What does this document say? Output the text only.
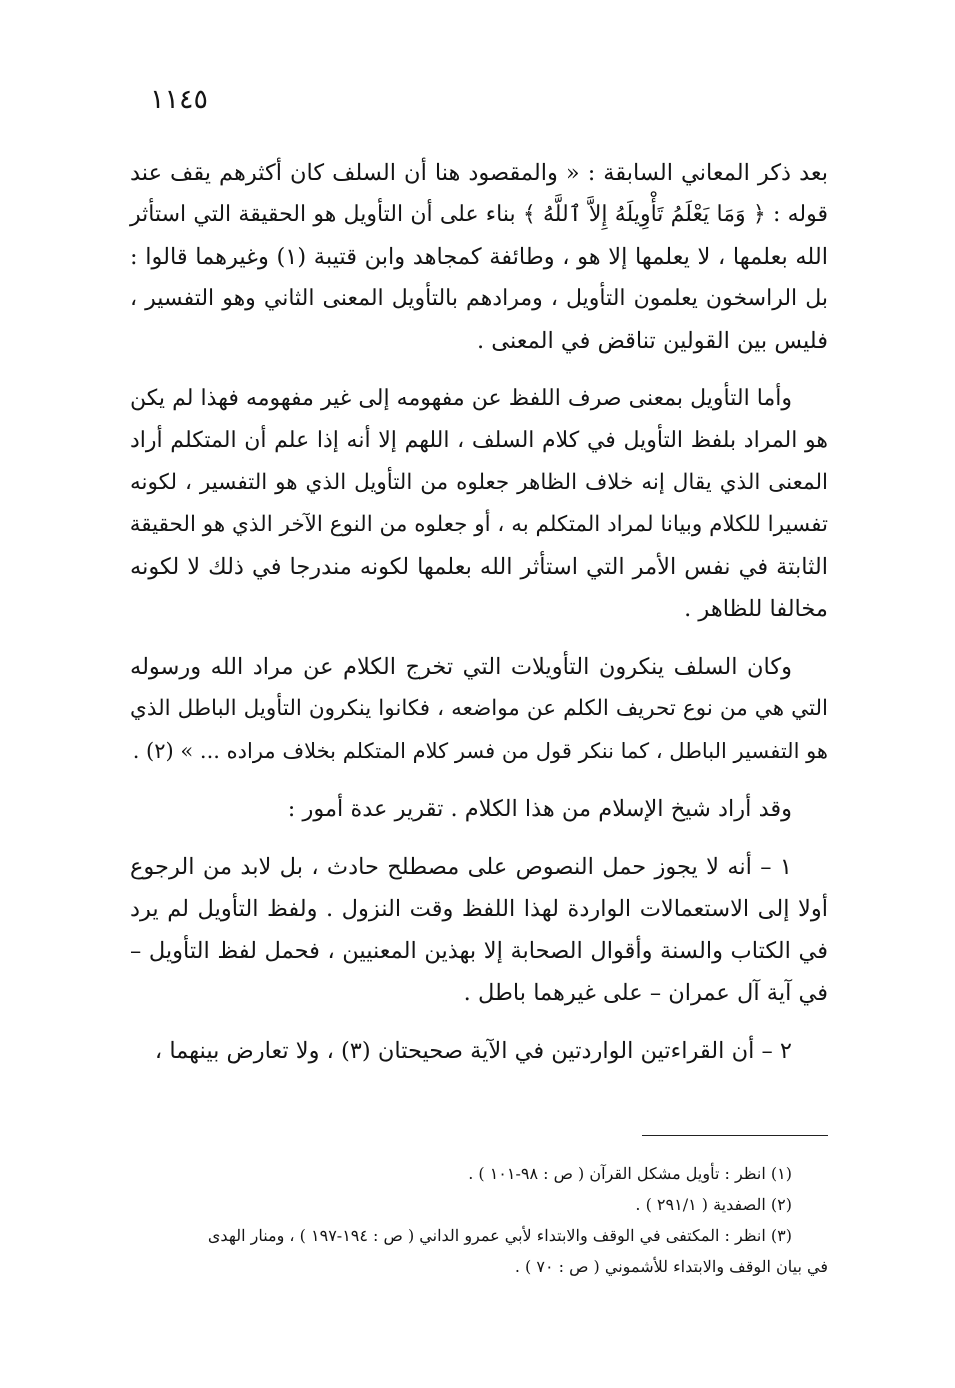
١١٤٥

بعد ذكر المعاني السابقة : « والمقصود هنا أن السلف كان أكثرهم يقف عند
قوله : ﴿ وَمَا يَعْلَمُ تَأْوِيلَهُ إِلاَّ ٱللَّهُ ﴾ بناء على أن التأويل هو الحقيقة التي استأثر
الله بعلمها ، لا يعلمها إلا هو ، وطائفة كمجاهد وابن قتيبة (١) وغيرهما قالوا :
بل الراسخون يعلمون التأويل ، ومرادهم بالتأويل المعنى الثاني وهو التفسير ،
فليس بين القولين تناقض في المعنى .

وأما التأويل بمعنى صرف اللفظ عن مفهومه إلى غير مفهومه فهذا لم يكن
هو المراد بلفظ التأويل في كلام السلف ، اللهم إلا أنه إذا علم أن المتكلم أراد
المعنى الذي يقال إنه خلاف الظاهر جعلوه من التأويل الذي هو التفسير ، لكونه
تفسيرا للكلام وبيانا لمراد المتكلم به ، أو جعلوه من النوع الآخر الذي هو الحقيقة
الثابتة في نفس الأمر التي استأثر الله بعلمها لكونه مندرجا في ذلك لا لكونه
مخالفا للظاهر .

وكان السلف ينكرون التأويلات التي تخرج الكلام عن مراد الله ورسوله
التي هي من نوع تحريف الكلم عن مواضعه ، فكانوا ينكرون التأويل الباطل الذي
هو التفسير الباطل ، كما ننكر قول من فسر كلام المتكلم بخلاف مراده ... » (٢) .

وقد أراد شيخ الإسلام من هذا الكلام . تقرير عدة أمور :

١ – أنه لا يجوز حمل النصوص على مصطلح حادث ، بل لابد من الرجوع
أولا إلى الاستعمالات الواردة لهذا اللفظ وقت النزول . ولفظ التأويل لم يرد
في الكتاب والسنة وأقوال الصحابة إلا بهذين المعنيين ، فحمل لفظ التأويل –
في آية آل عمران – على غيرهما باطل .

٢ – أن القراءتين الواردتين في الآية صحيحتان (٣) ، ولا تعارض بينهما ،

(١) انظر : تأويل مشكل القرآن ( ص : ٩٨-١٠١ ) .

(٢) الصفدية ( ٢٩١/١ ) .

(٣) انظر : المكتفى في الوقف والابتداء لأبي عمرو الداني ( ص : ١٩٤-١٩٧ ) ، ومنار الهدى

في بيان الوقف والابتداء للأشموني ( ص : ٧٠ ) .
